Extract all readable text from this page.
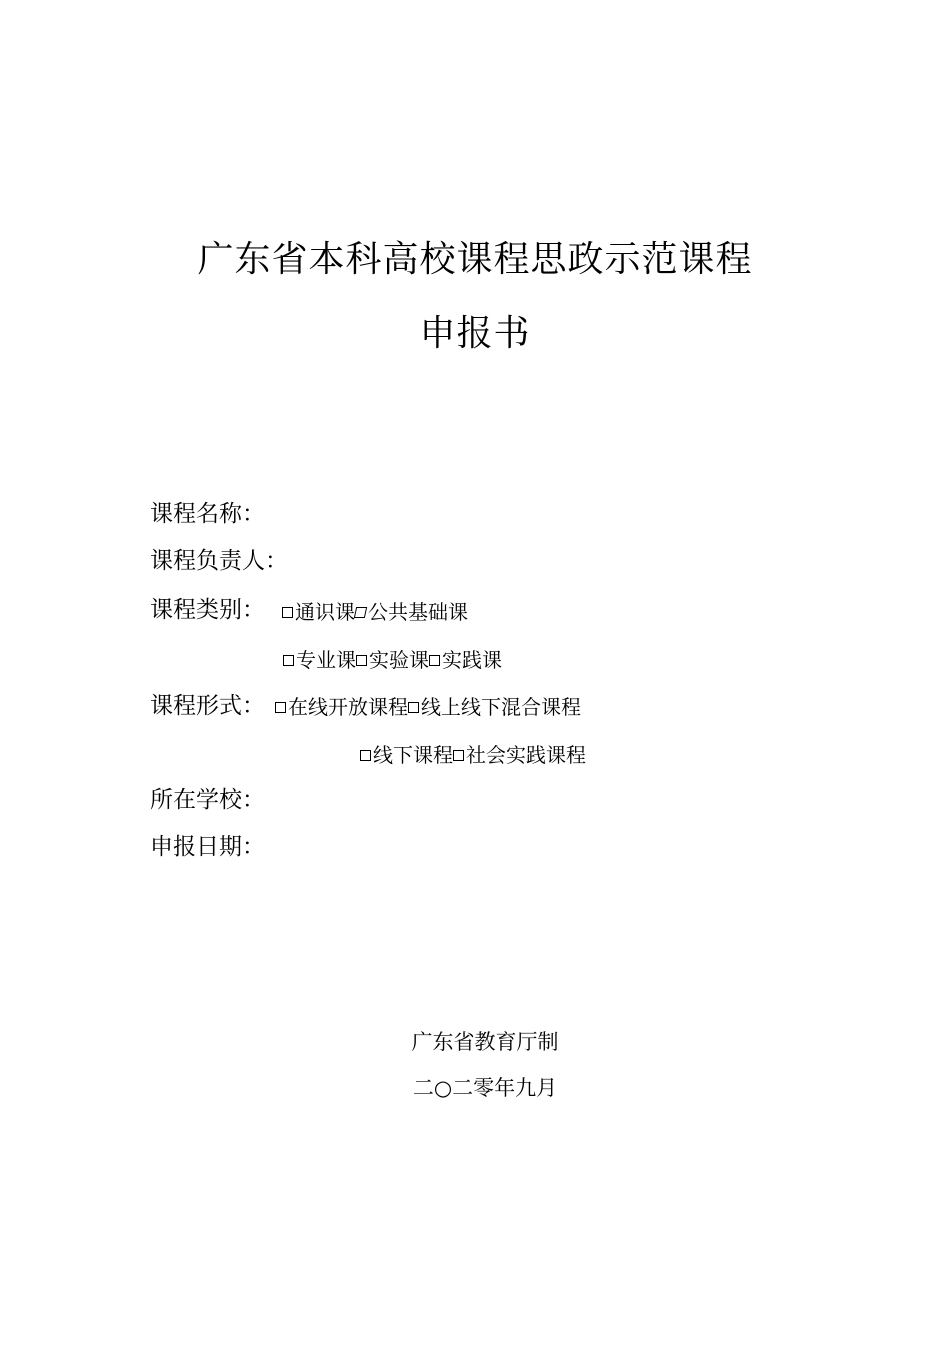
广东省本科高校课程思政示范课程
申报书
课程名称：
课程负责人：
课程类别：	通识课 公共基础课
专业课 实验课 实践课
课程形式：	在线开放课程 线上线下混合课程
线下课程 社会实践课程
所在学校：
申报日期：
广东省教育厅制
二○二零年九月
